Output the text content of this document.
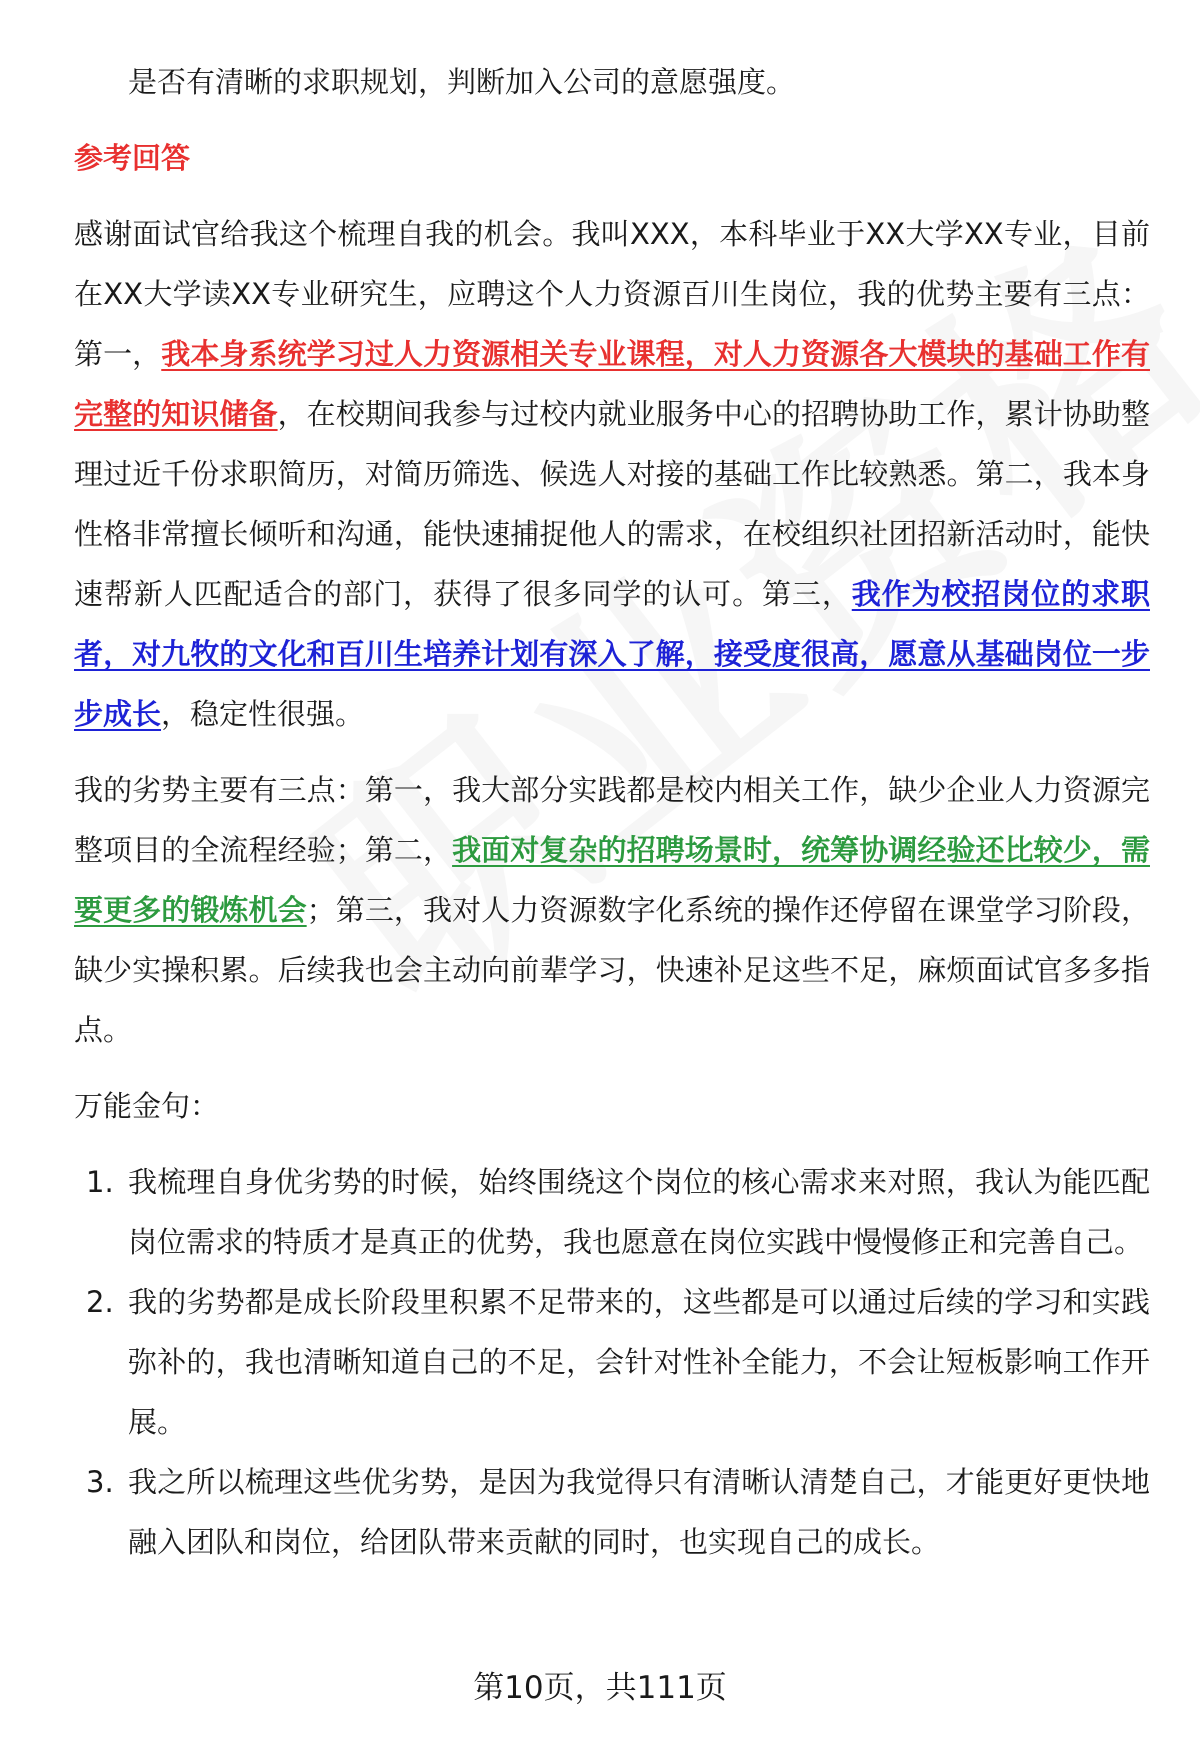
是否有清晰的求职规划，判断加入公司的意愿强度。

参考回答

感谢面试官给我这个梳理自我的机会。我叫XXX，本科毕业于XX大学XX专业，目前在XX大学读XX专业研究生，应聘这个人力资源百川生岗位，我的优势主要有三点：第一，我本身系统学习过人力资源相关专业课程，对人力资源各大模块的基础工作有完整的知识储备，在校期间我参与过校内就业服务中心的招聘协助工作，累计协助整理过近千份求职简历，对简历筛选、候选人对接的基础工作比较熟悉。第二，我本身性格非常擅长倾听和沟通，能快速捕捉他人的需求，在校组织社团招新活动时，能快速帮新人匹配适合的部门，获得了很多同学的认可。第三，我作为校招岗位的求职者，对九牧的文化和百川生培养计划有深入了解，接受度很高，愿意从基础岗位一步步成长，稳定性很强。

我的劣势主要有三点：第一，我大部分实践都是校内相关工作，缺少企业人力资源完整项目的全流程经验；第二，我面对复杂的招聘场景时，统筹协调经验还比较少，需要更多的锻炼机会；第三，我对人力资源数字化系统的操作还停留在课堂学习阶段，缺少实操积累。后续我也会主动向前辈学习，快速补足这些不足，麻烦面试官多多指点。

万能金句：

1. 我梳理自身优劣势的时候，始终围绕这个岗位的核心需求来对照，我认为能匹配岗位需求的特质才是真正的优势，我也愿意在岗位实践中慢慢修正和完善自己。
2. 我的劣势都是成长阶段里积累不足带来的，这些都是可以通过后续的学习和实践弥补的，我也清晰知道自己的不足，会针对性补全能力，不会让短板影响工作开展。
3. 我之所以梳理这些优劣势，是因为我觉得只有清晰认清楚自己，才能更好更快地融入团队和岗位，给团队带来贡献的同时，也实现自己的成长。
第10页，共111页
